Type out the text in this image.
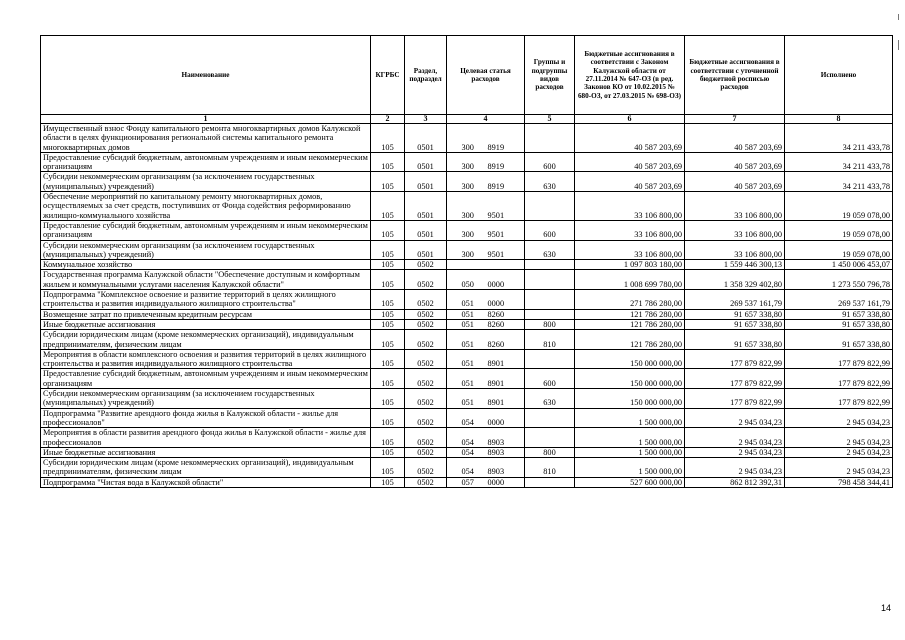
Наименование	КГРБС	Раздел, подраздел	Целевая статья расходов	Группы и подгруппы видов расходов	Бюджетные ассигнования в соответствии с Законом Калужской области от 27.11.2014 № 647-ОЗ (в ред. Законов КО от 10.02.2015 № 680-ОЗ, от 27.03.2015 № 698-ОЗ)	Бюджетные ассигнования в соответствии с уточненной бюджетной росписью расходов	Исполнено
1	2	3	4	5	6	7	8
Имущественный взнос Фонду капитального ремонта многоквартирных домов Калужской области в целях функционирования региональной системы капитального ремонта многоквартирных домов	105	0501	300 8919		40 587 203,69	40 587 203,69	34 211 433,78
Предоставление субсидий бюджетным, автономным учреждениям и иным некоммерческим организациям	105	0501	300 8919	600	40 587 203,69	40 587 203,69	34 211 433,78
Субсидии некоммерческим организациям (за исключением государственных (муниципальных) учреждений)	105	0501	300 8919	630	40 587 203,69	40 587 203,69	34 211 433,78
Обеспечение мероприятий по капитальному ремонту многоквартирных домов, осуществляемых за счет средств, поступивших от Фонда содействия реформированию жилищно-коммунального хозяйства	105	0501	300 9501		33 106 800,00	33 106 800,00	19 059 078,00
Предоставление субсидий бюджетным, автономным учреждениям и иным некоммерческим организациям	105	0501	300 9501	600	33 106 800,00	33 106 800,00	19 059 078,00
Субсидии некоммерческим организациям (за исключением государственных (муниципальных) учреждений)	105	0501	300 9501	630	33 106 800,00	33 106 800,00	19 059 078,00
Коммунальное хозяйство	105	0502			1 097 803 180,00	1 559 446 300,13	1 450 006 453,07
Государственная программа Калужской области "Обеспечение доступным и комфортным жильем и коммунальными услугами населения Калужской области"	105	0502	050 0000		1 008 699 780,00	1 358 329 402,80	1 273 550 796,78
Подпрограмма "Комплексное освоение и развитие территорий в целях жилищного строительства и развития индивидуального жилищного строительства"	105	0502	051 0000		271 786 280,00	269 537 161,79	269 537 161,79
Возмещение затрат по привлеченным кредитным ресурсам	105	0502	051 8260		121 786 280,00	91 657 338,80	91 657 338,80
Иные бюджетные ассигнования	105	0502	051 8260	800	121 786 280,00	91 657 338,80	91 657 338,80
Субсидии юридическим лицам (кроме некоммерческих организаций), индивидуальным предпринимателям, физическим лицам	105	0502	051 8260	810	121 786 280,00	91 657 338,80	91 657 338,80
Мероприятия в области комплексного освоения и развития территорий в целях жилищного строительства и развития индивидуального жилищного строительства	105	0502	051 8901		150 000 000,00	177 879 822,99	177 879 822,99
Предоставление субсидий бюджетным, автономным учреждениям и иным некоммерческим организациям	105	0502	051 8901	600	150 000 000,00	177 879 822,99	177 879 822,99
Субсидии некоммерческим организациям (за исключением государственных (муниципальных) учреждений)	105	0502	051 8901	630	150 000 000,00	177 879 822,99	177 879 822,99
Подпрограмма "Развитие арендного фонда жилья в Калужской области - жилье для профессионалов"	105	0502	054 0000		1 500 000,00	2 945 034,23	2 945 034,23
Мероприятия в области развития арендного фонда жилья в Калужской области - жилье для профессионалов	105	0502	054 8903		1 500 000,00	2 945 034,23	2 945 034,23
Иные бюджетные ассигнования	105	0502	054 8903	800	1 500 000,00	2 945 034,23	2 945 034,23
Субсидии юридическим лицам (кроме некоммерческих организаций), индивидуальным предпринимателям, физическим лицам	105	0502	054 8903	810	1 500 000,00	2 945 034,23	2 945 034,23
Подпрограмма "Чистая вода в Калужской области"	105	0502	057 0000		527 600 000,00	862 812 392,31	798 458 344,41
14
